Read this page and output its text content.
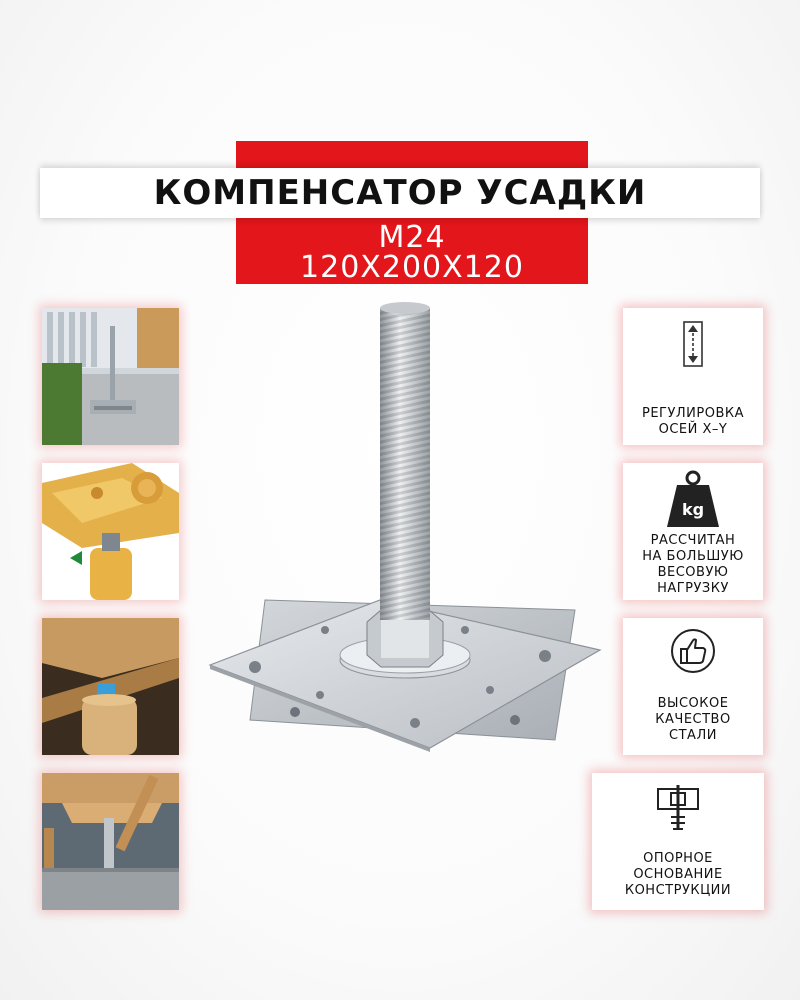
КОМПЕНСАТОР УСАДКИ
М24
120Х200Х120
РЕГУЛИРОВКА
ОСЕЙ Х–Y
kg
РАССЧИТАН
НА БОЛЬШУЮ
ВЕСОВУЮ
НАГРУЗКУ
ВЫСОКОЕ
КАЧЕСТВО
СТАЛИ
ОПОРНОЕ
ОСНОВАНИЕ
КОНСТРУКЦИИ
